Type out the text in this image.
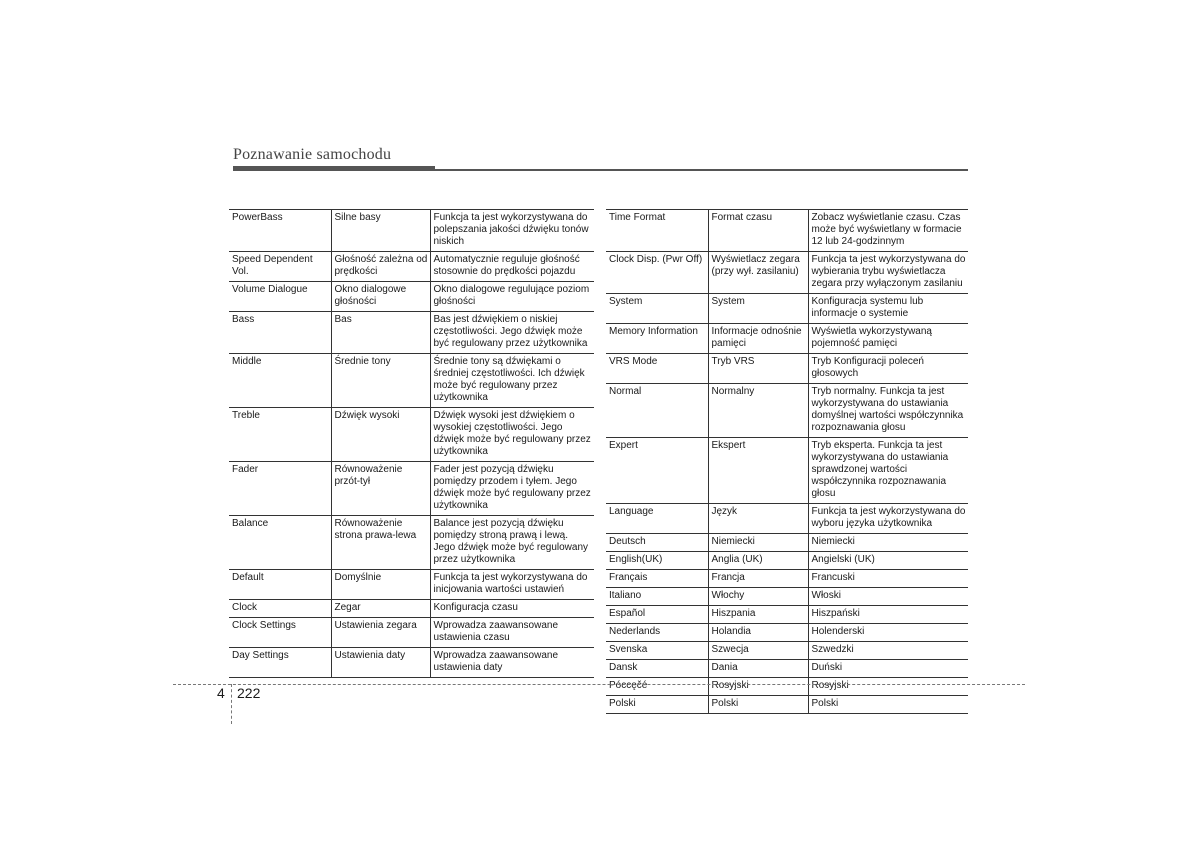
Poznawanie samochodu
PowerBass	Silne basy	Funkcja ta jest wykorzystywana do polepszania jakości dźwięku tonów niskich
Speed Dependent Vol.	Głośność zależna od prędkości	Automatycznie reguluje głośność stosownie do prędkości pojazdu
Volume Dialogue	Okno dialogowe głośności	Okno dialogowe regulujące poziom głośności
Bass	Bas	Bas jest dźwiękiem o niskiej częstotliwości. Jego dźwięk może być regulowany przez użytkownika
Middle	Średnie tony	Średnie tony są dźwiękami o średniej częstotliwości. Ich dźwięk może być regulowany przez użytkownika
Treble	Dźwięk wysoki	Dźwięk wysoki jest dźwiękiem o wysokiej częstotliwości. Jego dźwięk może być regulowany przez użytkownika
Fader	Równoważenie przót-tył	Fader jest pozycją dźwięku pomiędzy przodem i tyłem. Jego dźwięk może być regulowany przez użytkownika
Balance	Równoważenie strona prawa-lewa	Balance jest pozycją dźwięku pomiędzy stroną prawą i lewą. Jego dźwięk może być regulowany przez użytkownika
Default	Domyślnie	Funkcja ta jest wykorzystywana do inicjowania wartości ustawień
Clock	Zegar	Konfiguracja czasu
Clock Settings	Ustawienia zegara	Wprowadza zaawansowane ustawienia czasu
Day Settings	Ustawienia daty	Wprowadza zaawansowane ustawienia daty
Time Format	Format czasu	Zobacz wyświetlanie czasu. Czas może być wyświetlany w formacie 12 lub 24-godzinnym
Clock Disp. (Pwr Off)	Wyświetlacz zegara (przy wył. zasilaniu)	Funkcja ta jest wykorzystywana do wybierania trybu wyświetlacza zegara przy wyłączonym zasilaniu
System	System	Konfiguracja systemu lub informacje o systemie
Memory Information	Informacje odnośnie pamięci	Wyświetla wykorzystywaną pojemność pamięci
VRS Mode	Tryb VRS	Tryb Konfiguracji poleceń głosowych
Normal	Normalny	Tryb normalny. Funkcja ta jest wykorzystywana do ustawiania domyślnej wartości współczynnika rozpoznawania głosu
Expert	Ekspert	Tryb eksperta. Funkcja ta jest wykorzystywana do ustawiania sprawdzonej wartości współczynnika rozpoznawania głosu
Language	Język	Funkcja ta jest wykorzystywana do wyboru języka użytkownika
Deutsch	Niemiecki	Niemiecki
English(UK)	Anglia (UK)	Angielski (UK)
Français	Francja	Francuski
Italiano	Włochy	Włoski
Español	Hiszpania	Hiszpański
Nederlands	Holandia	Holenderski
Svenska	Szwecja	Szwedzki
Dansk	Dania	Duński
Pócсęčé	Rosyjski	Rosyjski
Polski	Polski	Polski
4 222
